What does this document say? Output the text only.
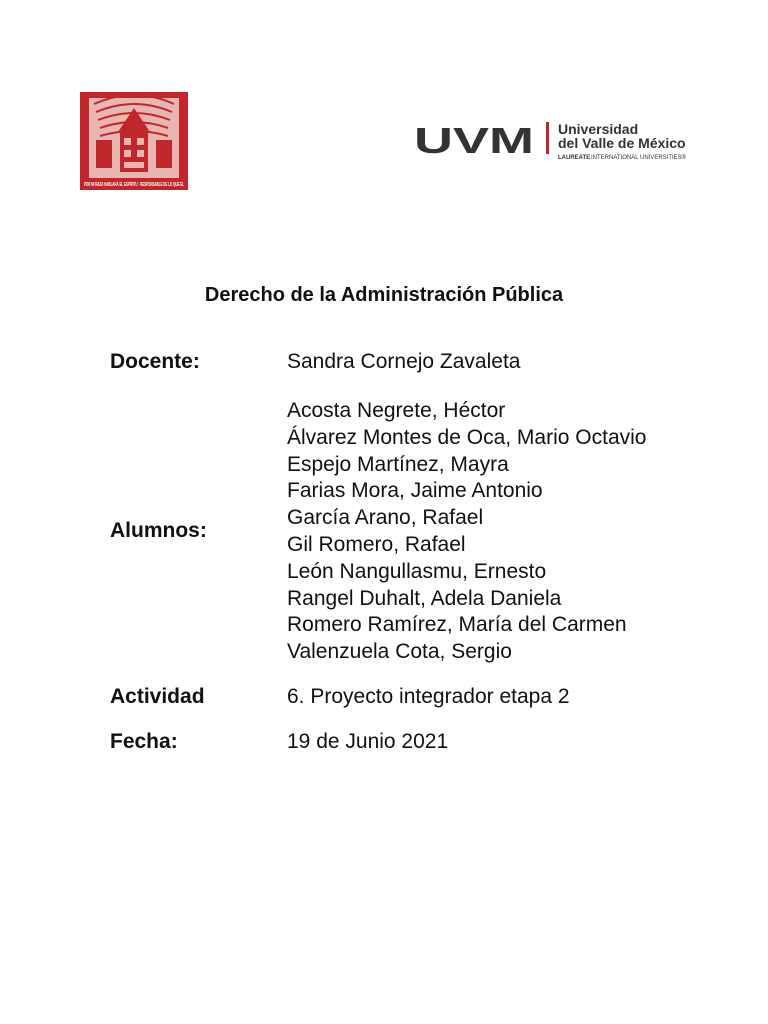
POR MI RAZA HABLARÁ EL ESPÍRITU · RESPONSABLE DE LO QUE EL
UVM Universidad
del Valle de México
LAUREATE INTERNATIONAL UNIVERSITIES®
Derecho de la Administración Pública
Docente:	Sandra Cornejo Zavaleta
Alumnos:
Acosta Negrete, Héctor
Álvarez Montes de Oca, Mario Octavio
Espejo Martínez, Mayra
Farias Mora, Jaime Antonio
García Arano, Rafael
Gil Romero, Rafael
León Nangullasmu, Ernesto
Rangel Duhalt, Adela Daniela
Romero Ramírez, María del Carmen
Valenzuela Cota, Sergio
Actividad	6. Proyecto integrador etapa 2
Fecha:	19 de Junio 2021
